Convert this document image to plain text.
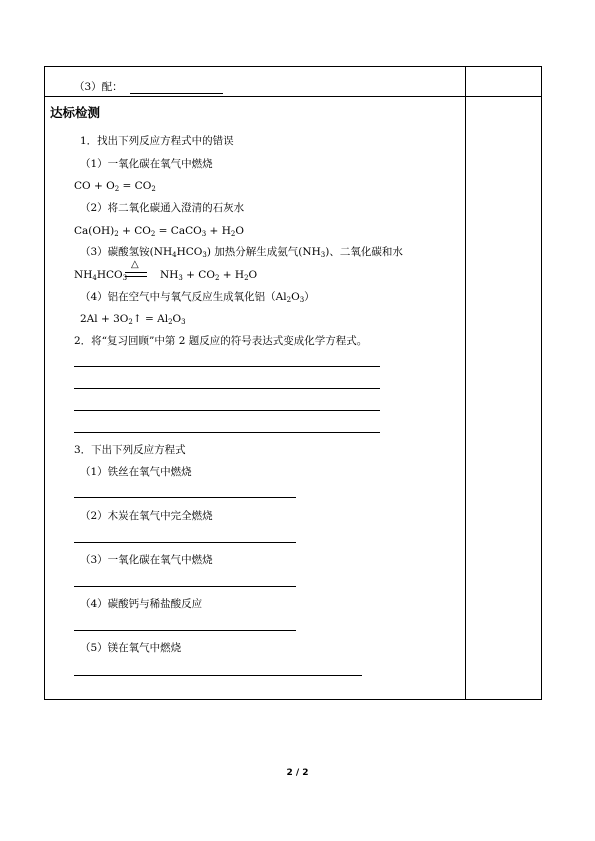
（3）配：
达标检测
1．找出下列反应方程式中的错误
（1）一氧化碳在氧气中燃烧
CO + $O_2 = CO_2$
（2）将二氧化碳通入澄清的石灰水
$Ca(OH)_2 + CO_2$ = CaCO$_3$ + $H_2O$
（3）碳酸氢铵$(NH_4HCO_3)$ 加热分解生成氨气$(NH_3)$、二氧化碳和水
$NH_4HCO_3$
△
$NH_3 + CO_2 + H_2O$
（4）铝在空气中与氧气反应生成氧化铝$(Al_2O_3)$
$2Al + 3O_2↑ = Al_2O_3$
2．将“复习回顾”中第 2 题反应的符号表达式变成化学方程式。
3．下出下列反应方程式
（1）铁丝在氧气中燃烧
（2）木炭在氧气中完全燃烧
（3）一氧化碳在氧气中燃烧
（4）碳酸钙与稀盐酸反应
（5）镁在氧气中燃烧
2 / 2
